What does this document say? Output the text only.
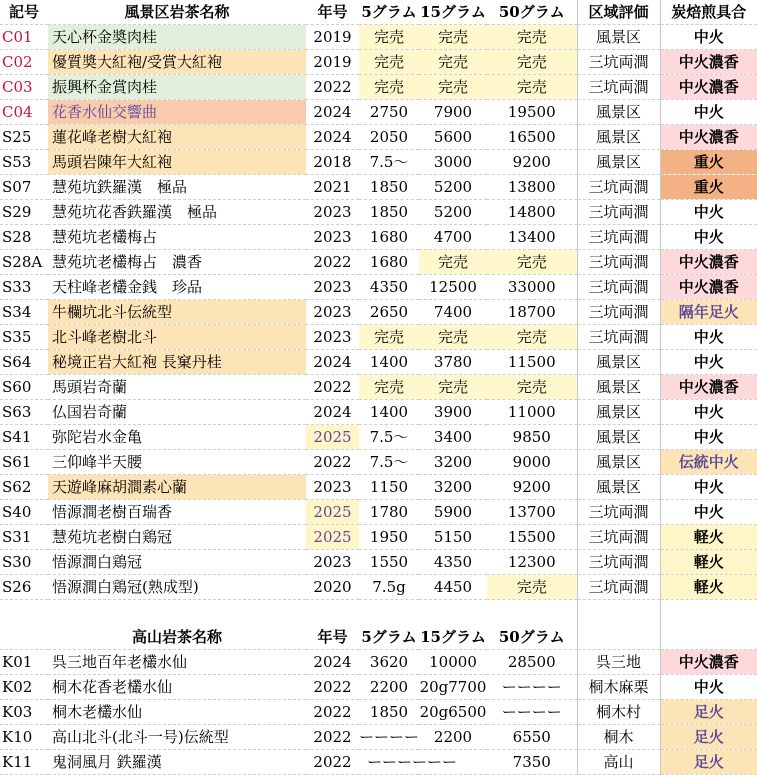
記号	風景区岩茶名称	年号	5グラム	15グラム	50グラム	区域評価	炭焙煎具合
C01	天心杯金奬肉桂	2019	完売	完売	完売	風景区	中火
C02	優質奬大紅袍/受賞大紅袍	2019	完売	完売	完売	三坑両澗	中火濃香
C03	振興杯金賞肉桂	2022	完売	完売	完売	三坑両澗	中火濃香
C04	花香水仙交響曲	2024	2750	7900	19500	風景区	中火
S25	蓮花峰老樹大紅袍	2024	2050	5600	16500	風景区	中火濃香
S53	馬頭岩陳年大紅袍	2018	7.5～	3000	9200	風景区	重火
S07	慧苑坑鉄羅漢　極品	2021	1850	5200	13800	三坑両澗	重火
S29	慧苑坑花香鉄羅漢　極品	2023	1850	5200	14800	三坑両澗	中火
S28	慧苑坑老欉梅占	2023	1680	4700	13400	三坑両澗	中火
S28A	慧苑坑老欉梅占　濃香	2022	1680	完売	完売	三坑両澗	中火濃香
S33	天柱峰老欉金銭　珍品	2023	4350	12500	33000	三坑両澗	中火濃香
S34	牛欄坑北斗伝統型	2023	2650	7400	18700	三坑両澗	隔年足火
S35	北斗峰老樹北斗	2023	完売	完売	完売	三坑両澗	中火
S64	秘境正岩大紅袍 長窠丹桂	2024	1400	3780	11500	風景区	中火
S60	馬頭岩奇蘭	2022	完売	完売	完売	風景区	中火濃香
S63	仏国岩奇蘭	2024	1400	3900	11000	風景区	中火
S41	弥陀岩水金亀	2025	7.5～	3400	9850	風景区	中火
S61	三仰峰半天腰	2022	7.5～	3200	9000	風景区	伝統中火
S62	天遊峰麻胡澗素心蘭	2023	1150	3200	9200	風景区	中火
S40	悟源澗老樹百瑞香	2025	1780	5900	13700	三坑両澗	中火
S31	慧苑坑老樹白鶏冠	2025	1950	5150	15500	三坑両澗	軽火
S30	悟源澗白鶏冠	2023	1550	4350	12300	三坑両澗	軽火
S26	悟源澗白鶏冠(熟成型)	2020	7.5g	4450	完売	三坑両澗	軽火

	高山岩茶名称	年号	5グラム	15グラム	50グラム		
K01	呉三地百年老欉水仙	2024	3620	10000	28500	呉三地	中火濃香
K02	桐木花香老欉水仙	2022	2200	20g7700	ーーーー	桐木麻栗	中火
K03	桐木老欉水仙	2022	1850	20g6500	ーーーー	桐木村	足火
K10	高山北斗(北斗一号)伝統型	2022	ーーーー	2200	6550	桐木	足火
K11	鬼洞風月 鉄羅漢	2022	ーーーーーー		7350	高山	足火
